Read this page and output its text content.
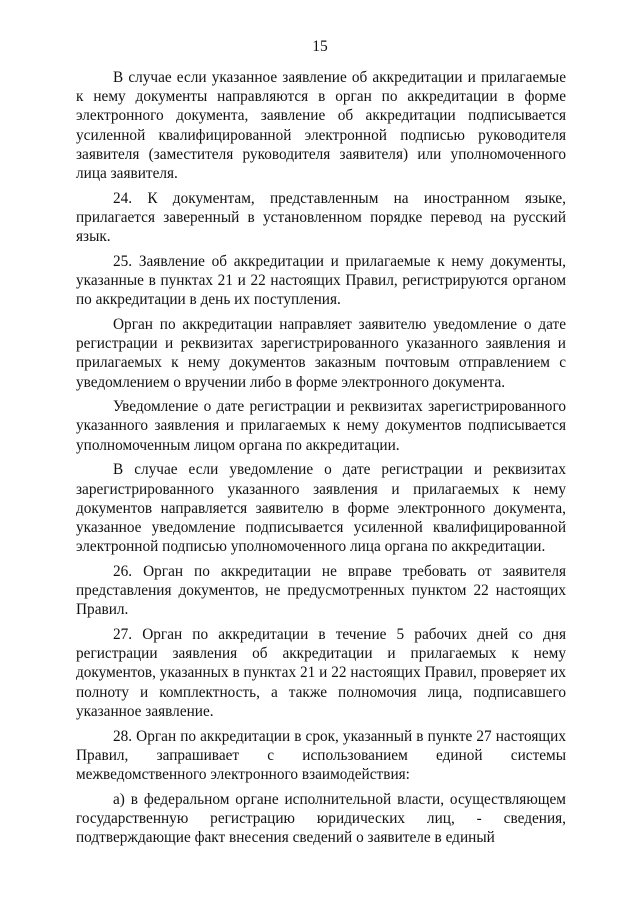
15

В случае если указанное заявление об аккредитации и прилагаемые к нему документы направляются в орган по аккредитации в форме электронного документа, заявление об аккредитации подписывается усиленной квалифицированной электронной подписью руководителя заявителя (заместителя руководителя заявителя) или уполномоченного лица заявителя.

24. К документам, представленным на иностранном языке, прилагается заверенный в установленном порядке перевод на русский язык.

25. Заявление об аккредитации и прилагаемые к нему документы, указанные в пунктах 21 и 22 настоящих Правил, регистрируются органом по аккредитации в день их поступления.

Орган по аккредитации направляет заявителю уведомление о дате регистрации и реквизитах зарегистрированного указанного заявления и прилагаемых к нему документов заказным почтовым отправлением с уведомлением о вручении либо в форме электронного документа.

Уведомление о дате регистрации и реквизитах зарегистрированного указанного заявления и прилагаемых к нему документов подписывается уполномоченным лицом органа по аккредитации.

В случае если уведомление о дате регистрации и реквизитах зарегистрированного указанного заявления и прилагаемых к нему документов направляется заявителю в форме электронного документа, указанное уведомление подписывается усиленной квалифицированной электронной подписью уполномоченного лица органа по аккредитации.

26. Орган по аккредитации не вправе требовать от заявителя представления документов, не предусмотренных пунктом 22 настоящих Правил.

27. Орган по аккредитации в течение 5 рабочих дней со дня регистрации заявления об аккредитации и прилагаемых к нему документов, указанных в пунктах 21 и 22 настоящих Правил, проверяет их полноту и комплектность, а также полномочия лица, подписавшего указанное заявление.

28. Орган по аккредитации в срок, указанный в пункте 27 настоящих Правил, запрашивает с использованием единой системы межведомственного электронного взаимодействия:

а) в федеральном органе исполнительной власти, осуществляющем государственную регистрацию юридических лиц, - сведения, подтверждающие факт внесения сведений о заявителе в единый
